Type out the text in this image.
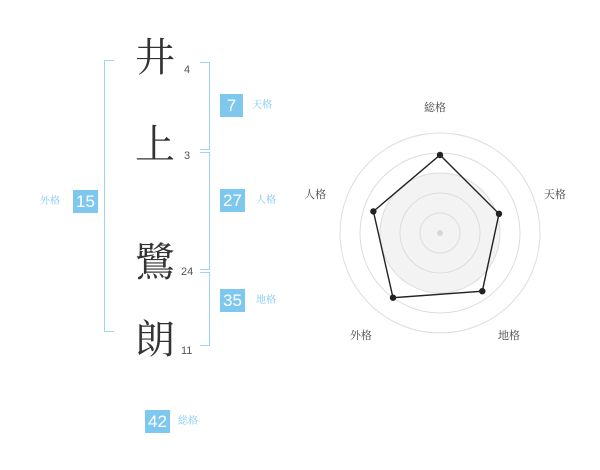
井 4
上 3
鷺 24
朗 11
15
外格
7	天格
27	人格
35	地格
42	総格
総格
天格
地格
外格
人格
